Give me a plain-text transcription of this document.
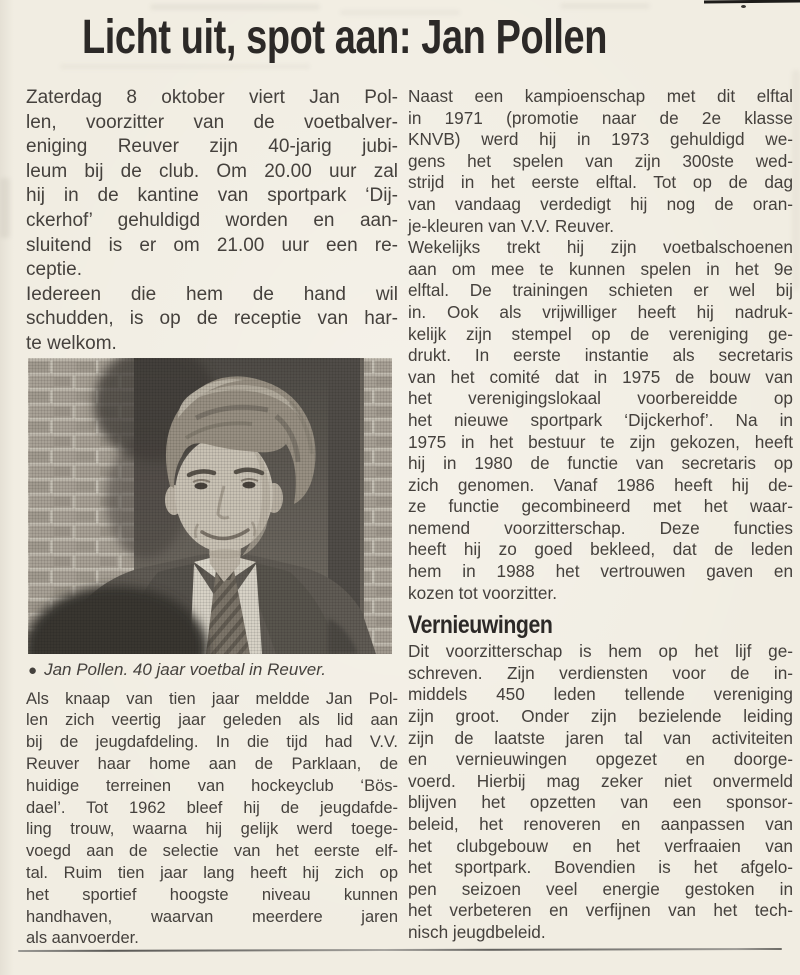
Licht uit, spot aan: Jan Pollen
Zaterdag 8 oktober viert Jan Pol-
len, voorzitter van de voetbalver-
eniging Reuver zijn 40-jarig jubi-
leum bij de club. Om 20.00 uur zal
hij in de kantine van sportpark ‘Dij-
ckerhof’ gehuldigd worden en aan-
sluitend is er om 21.00 uur een re-
ceptie.
Iedereen die hem de hand wil
schudden, is op de receptie van har-
te welkom.
● Jan Pollen. 40 jaar voetbal in Reuver.
Als knaap van tien jaar meldde Jan Pol-
len zich veertig jaar geleden als lid aan
bij de jeugdafdeling. In die tijd had V.V.
Reuver haar home aan de Parklaan, de
huidige terreinen van hockeyclub ‘Bös-
dael’. Tot 1962 bleef hij de jeugdafde-
ling trouw, waarna hij gelijk werd toege-
voegd aan de selectie van het eerste elf-
tal. Ruim tien jaar lang heeft hij zich op
het sportief hoogste niveau kunnen
handhaven, waarvan meerdere jaren
als aanvoerder.
Naast een kampioenschap met dit elftal
in 1971 (promotie naar de 2e klasse
KNVB) werd hij in 1973 gehuldigd we-
gens het spelen van zijn 300ste wed-
strijd in het eerste elftal. Tot op de dag
van vandaag verdedigt hij nog de oran-
je-kleuren van V.V. Reuver.
Wekelijks trekt hij zijn voetbalschoenen
aan om mee te kunnen spelen in het 9e
elftal. De trainingen schieten er wel bij
in. Ook als vrijwilliger heeft hij nadruk-
kelijk zijn stempel op de vereniging ge-
drukt. In eerste instantie als secretaris
van het comité dat in 1975 de bouw van
het verenigingslokaal voorbereidde op
het nieuwe sportpark ‘Dijckerhof’. Na in
1975 in het bestuur te zijn gekozen, heeft
hij in 1980 de functie van secretaris op
zich genomen. Vanaf 1986 heeft hij de-
ze functie gecombineerd met het waar-
nemend voorzitterschap. Deze functies
heeft hij zo goed bekleed, dat de leden
hem in 1988 het vertrouwen gaven en
kozen tot voorzitter.
Vernieuwingen
Dit voorzitterschap is hem op het lijf ge-
schreven. Zijn verdiensten voor de in-
middels 450 leden tellende vereniging
zijn groot. Onder zijn bezielende leiding
zijn de laatste jaren tal van activiteiten
en vernieuwingen opgezet en doorge-
voerd. Hierbij mag zeker niet onvermeld
blijven het opzetten van een sponsor-
beleid, het renoveren en aanpassen van
het clubgebouw en het verfraaien van
het sportpark. Bovendien is het afgelo-
pen seizoen veel energie gestoken in
het verbeteren en verfijnen van het tech-
nisch jeugdbeleid.
